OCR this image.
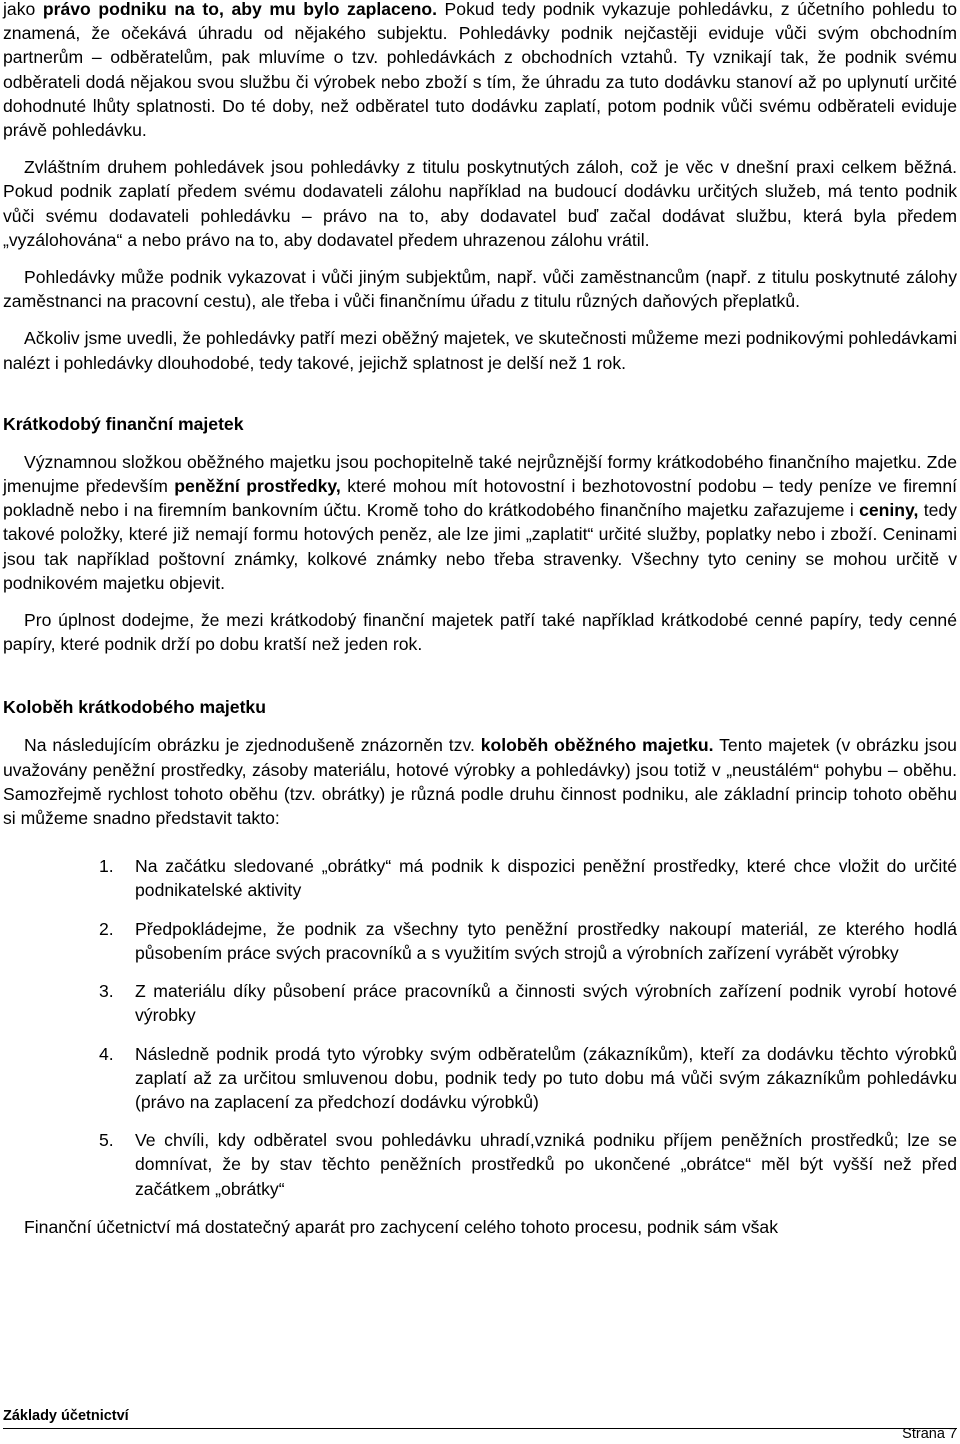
jako právo podniku na to, aby mu bylo zaplaceno. Pokud tedy podnik vykazuje pohledávku, z účetního pohledu to znamená, že očekává úhradu od nějakého subjektu. Pohledávky podnik nejčastěji eviduje vůči svým obchodním partnerům – odběratelům, pak mluvíme o tzv. pohledávkách z obchodních vztahů. Ty vznikají tak, že podnik svému odběrateli dodá nějakou svou službu či výrobek nebo zboží s tím, že úhradu za tuto dodávku stanoví až po uplynutí určité dohodnuté lhůty splatnosti. Do té doby, než odběratel tuto dodávku zaplatí, potom podnik vůči svému odběrateli eviduje právě pohledávku.

Zvláštním druhem pohledávek jsou pohledávky z titulu poskytnutých záloh, což je věc v dnešní praxi celkem běžná. Pokud podnik zaplatí předem svému dodavateli zálohu například na budoucí dodávku určitých služeb, má tento podnik vůči svému dodavateli pohledávku – právo na to, aby dodavatel buď začal dodávat službu, která byla předem „vyzálohována“ a nebo právo na to, aby dodavatel předem uhrazenou zálohu vrátil.

Pohledávky může podnik vykazovat i vůči jiným subjektům, např. vůči zaměstnancům (např. z titulu poskytnuté zálohy zaměstnanci na pracovní cestu), ale třeba i vůči finančnímu úřadu z titulu různých daňových přeplatků.

Ačkoliv jsme uvedli, že pohledávky patří mezi oběžný majetek, ve skutečnosti můžeme mezi podnikovými pohledávkami nalézt i pohledávky dlouhodobé, tedy takové, jejichž splatnost je delší než 1 rok.

Krátkodobý finanční majetek

Významnou složkou oběžného majetku jsou pochopitelně také nejrůznější formy krátkodobého finančního majetku. Zde jmenujme především peněžní prostředky, které mohou mít hotovostní i bezhotovostní podobu – tedy peníze ve firemní pokladně nebo i na firemním bankovním účtu. Kromě toho do krátkodobého finančního majetku zařazujeme i ceniny, tedy takové položky, které již nemají formu hotových peněz, ale lze jimi „zaplatit“ určité služby, poplatky nebo i zboží. Ceninami jsou tak například poštovní známky, kolkové známky nebo třeba stravenky. Všechny tyto ceniny se mohou určitě v podnikovém majetku objevit.

Pro úplnost dodejme, že mezi krátkodobý finanční majetek patří také například krátkodobé cenné papíry, tedy cenné papíry, které podnik drží po dobu kratší než jeden rok.

Koloběh krátkodobého majetku

Na následujícím obrázku je zjednodušeně znázorněn tzv. koloběh oběžného majetku. Tento majetek (v obrázku jsou uvažovány peněžní prostředky, zásoby materiálu, hotové výrobky a pohledávky) jsou totiž v „neustálém“ pohybu – oběhu. Samozřejmě rychlost tohoto oběhu (tzv. obrátky) je různá podle druhu činnost podniku, ale základní princip tohoto oběhu si můžeme snadno představit takto:

1. Na začátku sledované „obrátky“ má podnik k dispozici peněžní prostředky, které chce vložit do určité podnikatelské aktivity
2. Předpokládejme, že podnik za všechny tyto peněžní prostředky nakoupí materiál, ze kterého hodlá působením práce svých pracovníků a s využitím svých strojů a výrobních zařízení vyrábět výrobky
3. Z materiálu díky působení práce pracovníků a činnosti svých výrobních zařízení podnik vyrobí hotové výrobky
4. Následně podnik prodá tyto výrobky svým odběratelům (zákazníkům), kteří za dodávku těchto výrobků zaplatí až za určitou smluvenou dobu, podnik tedy po tuto dobu má vůči svým zákazníkům pohledávku (právo na zaplacení za předchozí dodávku výrobků)
5. Ve chvíli, kdy odběratel svou pohledávku uhradí,vzniká podniku příjem peněžních prostředků; lze se domnívat, že by stav těchto peněžních prostředků po ukončené „obrátce“ měl být vyšší než před začátkem „obrátky“

Finanční účetnictví má dostatečný aparát pro zachycení celého tohoto procesu, podnik sám však

Základy účetnictví
Strana 7
